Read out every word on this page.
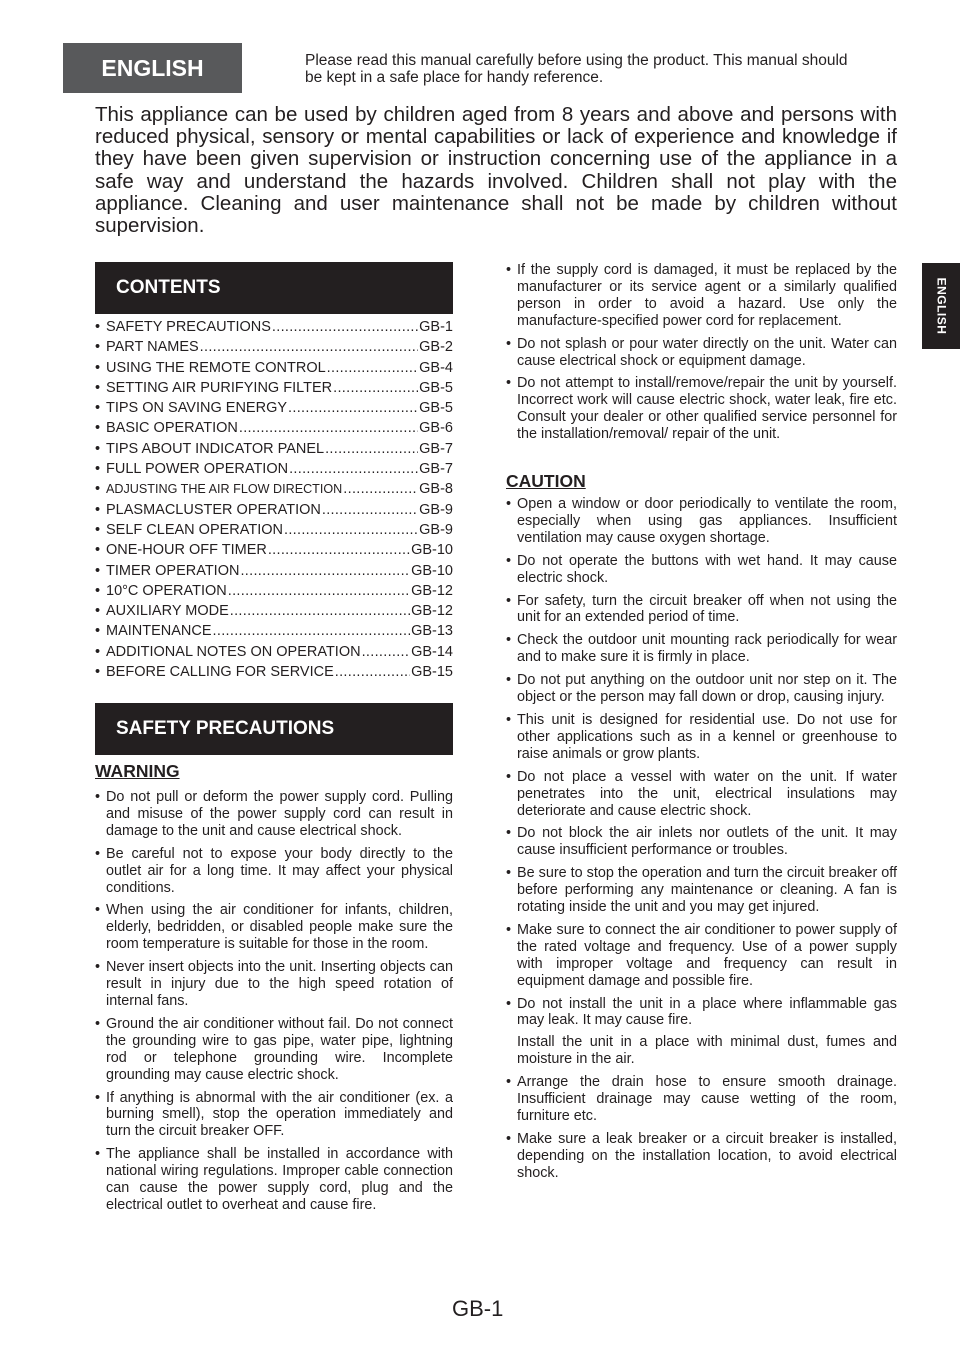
ENGLISH	Please read this manual carefully before using the product. This manual should be kept in a safe place for handy reference.
This appliance can be used by children aged from 8 years and above and persons with reduced physical, sensory or mental capabilities or lack of experience and knowledge if they have been given supervision or instruction concerning use of the appliance in a safe way and understand the hazards involved. Children shall not play with the appliance. Cleaning and user maintenance shall not be made by children without supervision.
ENGLISH
CONTENTS
• SAFETY PRECAUTIONS .....	GB-1
• PART NAMES .....	GB-2
• USING THE REMOTE CONTROL .....	GB-4
• SETTING AIR PURIFYING FILTER .....	GB-5
• TIPS ON SAVING ENERGY .....	GB-5
• BASIC OPERATION .....	GB-6
• TIPS ABOUT INDICATOR PANEL .....	GB-7
• FULL POWER OPERATION .....	GB-7
• ADJUSTING THE AIR FLOW DIRECTION .....	GB-8
• PLASMACLUSTER OPERATION .....	GB-9
• SELF CLEAN OPERATION .....	GB-9
• ONE-HOUR OFF TIMER .....	GB-10
• TIMER OPERATION .....	GB-10
• 10°C OPERATION .....	GB-12
• AUXILIARY MODE .....	GB-12
• MAINTENANCE .....	GB-13
• ADDITIONAL NOTES ON OPERATION .....	GB-14
• BEFORE CALLING FOR SERVICE .....	GB-15
SAFETY PRECAUTIONS
WARNING
• Do not pull or deform the power supply cord. Pulling and misuse of the power supply cord can result in damage to the unit and cause electrical shock.
• Be careful not to expose your body directly to the outlet air for a long time. It may affect your physical conditions.
• When using the air conditioner for infants, children, elderly, bedridden, or disabled people make sure the room temperature is suitable for those in the room.
• Never insert objects into the unit. Inserting objects can result in injury due to the high speed rotation of internal fans.
• Ground the air conditioner without fail. Do not connect the grounding wire to gas pipe, water pipe, lightning rod or telephone grounding wire. Incomplete grounding may cause electric shock.
• If anything is abnormal with the air conditioner (ex. a burning smell), stop the operation immediately and turn the circuit breaker OFF.
• The appliance shall be installed in accordance with national wiring regulations. Improper cable connection can cause the power supply cord, plug and the electrical outlet to overheat and cause fire.
• If the supply cord is damaged, it must be replaced by the manufacturer or its service agent or a similarly qualified person in order to avoid a hazard. Use only the manufacture-specified power cord for replacement.
• Do not splash or pour water directly on the unit. Water can cause electrical shock or equipment damage.
• Do not attempt to install/remove/repair the unit by yourself. Incorrect work will cause electric shock, water leak, fire etc. Consult your dealer or other qualified service personnel for the installation/removal/ repair of the unit.
CAUTION
• Open a window or door periodically to ventilate the room, especially when using gas appliances. Insufficient ventilation may cause oxygen shortage.
• Do not operate the buttons with wet hand. It may cause electric shock.
• For safety, turn the circuit breaker off when not using the unit for an extended period of time.
• Check the outdoor unit mounting rack periodically for wear and to make sure it is firmly in place.
• Do not put anything on the outdoor unit nor step on it. The object or the person may fall down or drop, causing injury.
• This unit is designed for residential use. Do not use for other applications such as in a kennel or greenhouse to raise animals or grow plants.
• Do not place a vessel with water on the unit. If water penetrates into the unit, electrical insulations may deteriorate and cause electric shock.
• Do not block the air inlets nor outlets of the unit. It may cause insufficient performance or troubles.
• Be sure to stop the operation and turn the circuit breaker off before performing any maintenance or cleaning. A fan is rotating inside the unit and you may get injured.
• Make sure to connect the air conditioner to power supply of the rated voltage and frequency. Use of a power supply with improper voltage and frequency can result in equipment damage and possible fire.
• Do not install the unit in a place where inflammable gas may leak. It may cause fire.
Install the unit in a place with minimal dust, fumes and moisture in the air.
• Arrange the drain hose to ensure smooth drainage. Insufficient drainage may cause wetting of the room, furniture etc.
• Make sure a leak breaker or a circuit breaker is installed, depending on the installation location, to avoid electrical shock.
GB-1
